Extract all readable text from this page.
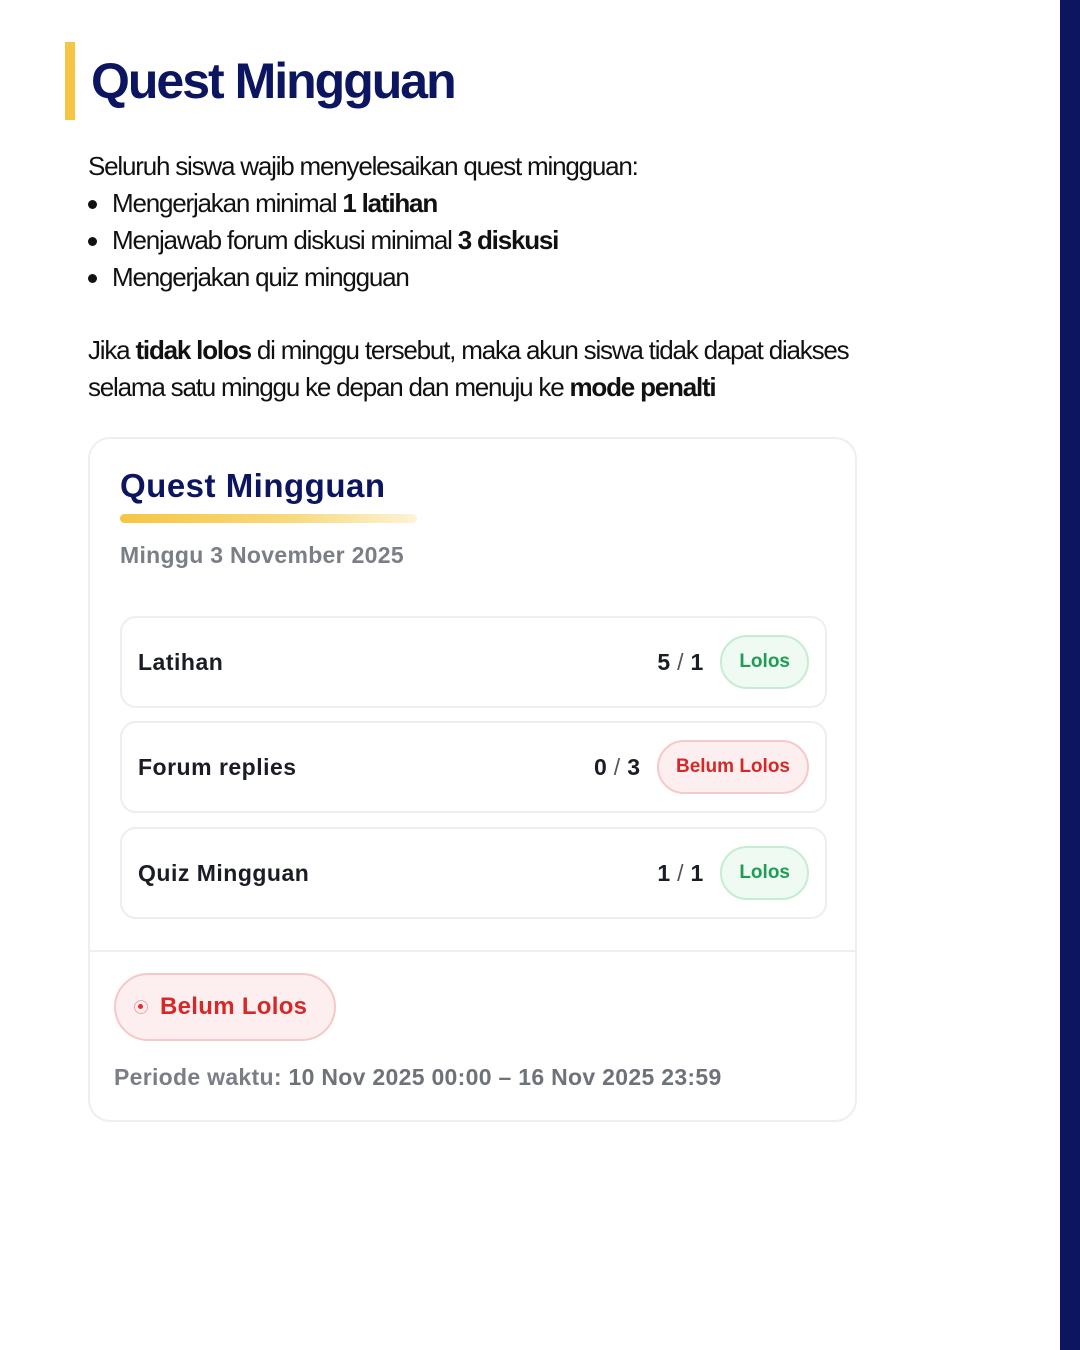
Quest Mingguan

Seluruh siswa wajib menyelesaikan quest mingguan:

Mengerjakan minimal 1 latihan
Menjawab forum diskusi minimal 3 diskusi
Mengerjakan quiz mingguan

Jika tidak lolos di minggu tersebut, maka akun siswa tidak dapat diakses selama satu minggu ke depan dan menuju ke mode penalti

Quest Mingguan
Minggu 3 November 2025
Latihan	5 / 1	Lolos
Forum replies	0 / 3	Belum Lolos
Quiz Mingguan	1 / 1	Lolos
Belum Lolos
Periode waktu: 10 Nov 2025 00:00 – 16 Nov 2025 23:59
